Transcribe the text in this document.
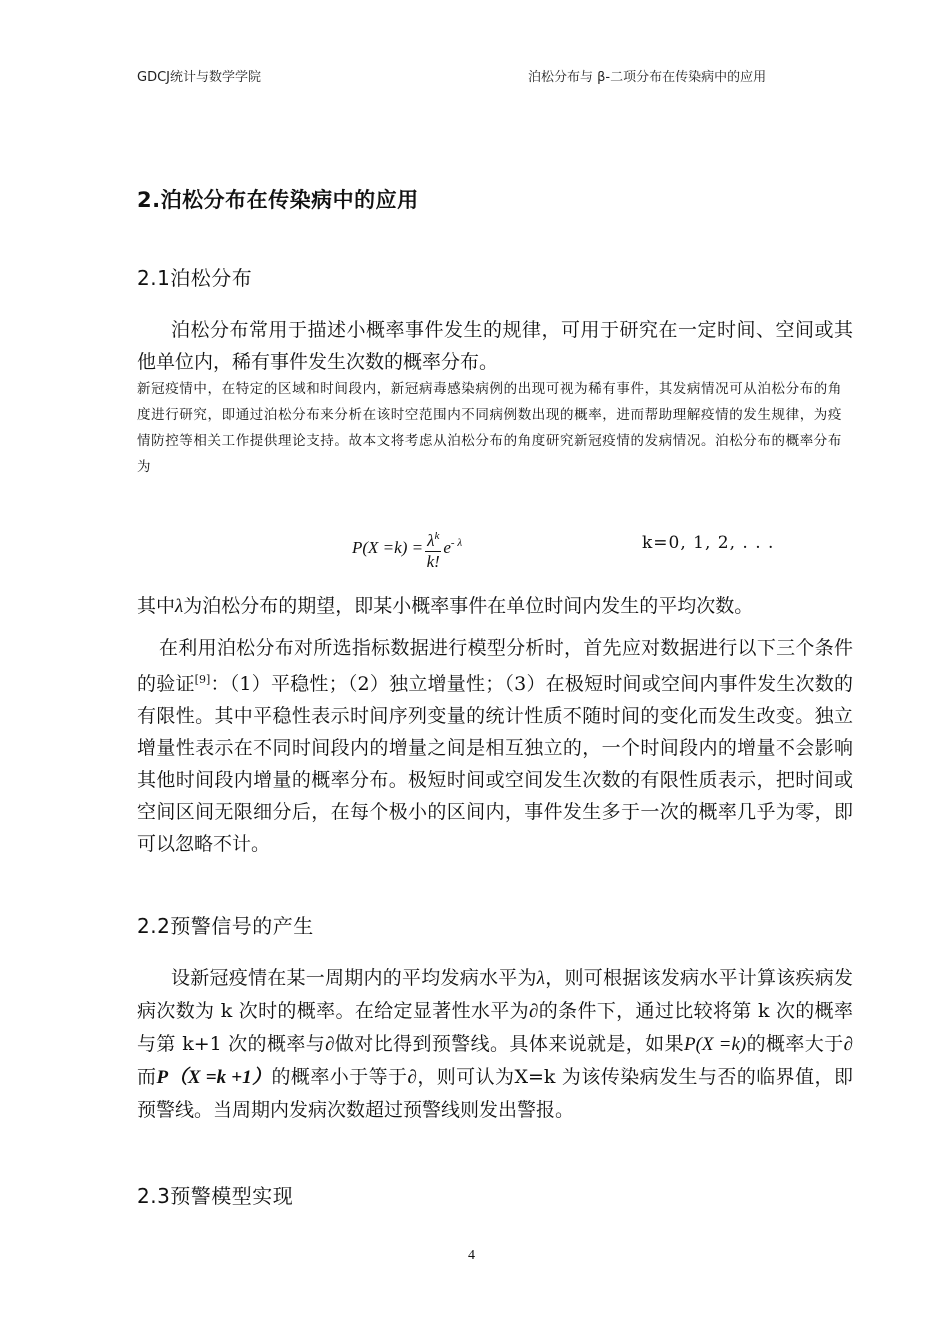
GDCJ统计与数学学院	泊松分布与 β-二项分布在传染病中的应用
2.泊松分布在传染病中的应用
2.1泊松分布
泊松分布常用于描述小概率事件发生的规律，可用于研究在一定时间、空间或其他单位内，稀有事件发生次数的概率分布。
新冠疫情中，在特定的区域和时间段内，新冠病毒感染病例的出现可视为稀有事件，其发病情况可从泊松分布的角度进行研究，即通过泊松分布来分析在该时空范围内不同病例数出现的概率，进而帮助理解疫情的发生规律，为疫情防控等相关工作提供理论支持。故本文将考虑从泊松分布的角度研究新冠疫情的发病情况。泊松分布的概率分布为
$P(X =k) = \frac{\lambda^k}{k!} e^{- \lambda}$	k=0, 1, 2, . . .
其中λ为泊松分布的期望，即某小概率事件在单位时间内发生的平均次数。
在利用泊松分布对所选指标数据进行模型分析时，首先应对数据进行以下三个条件的验证[9]：（1）平稳性；（2）独立增量性；（3）在极短时间或空间内事件发生次数的有限性。其中平稳性表示时间序列变量的统计性质不随时间的变化而发生改变。独立增量性表示在不同时间段内的增量之间是相互独立的，一个时间段内的增量不会影响其他时间段内增量的概率分布。极短时间或空间发生次数的有限性质表示，把时间或空间区间无限细分后，在每个极小的区间内，事件发生多于一次的概率几乎为零，即可以忽略不计。
2.2预警信号的产生
设新冠疫情在某一周期内的平均发病水平为λ，则可根据该发病水平计算该疾病发病次数为 k 次时的概率。在给定显著性水平为∂的条件下，通过比较将第 k 次的概率与第 k+1 次的概率与∂做对比得到预警线。具体来说就是，如果P(X =k)的概率大于∂而P（X =k +1）的概率小于等于∂，则可认为X=k 为该传染病发生与否的临界值，即预警线。当周期内发病次数超过预警线则发出警报。
2.3预警模型实现
4
